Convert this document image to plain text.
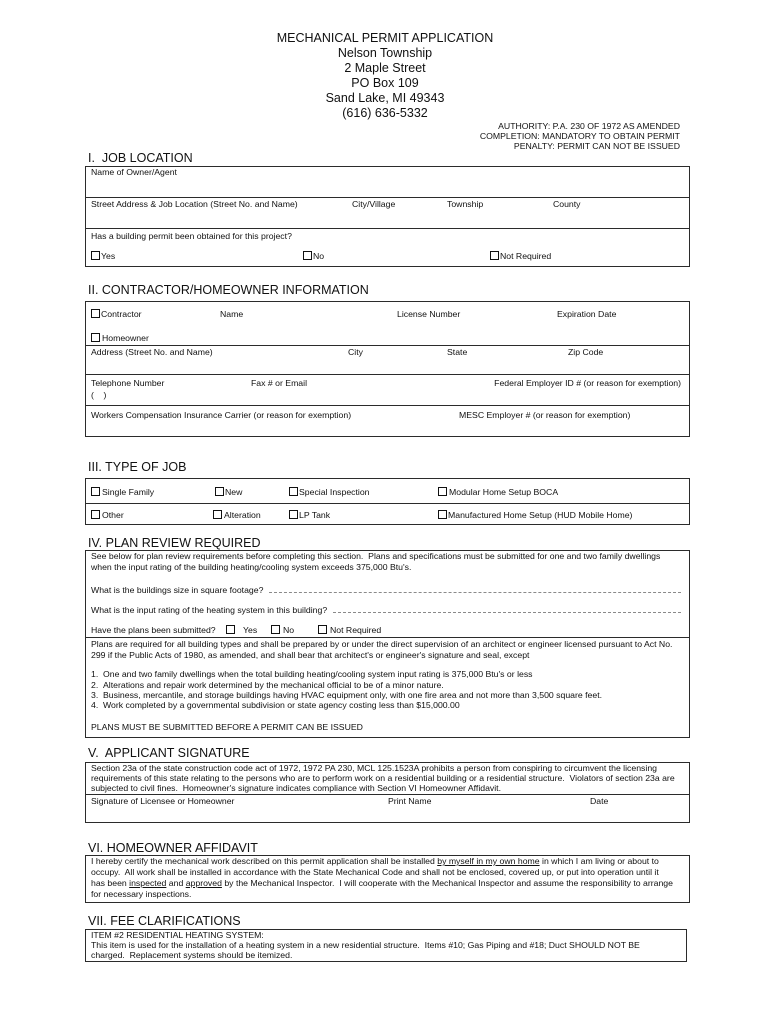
MECHANICAL PERMIT APPLICATION
Nelson Township
2 Maple Street
PO Box 109
Sand Lake, MI 49343
(616) 636-5332
AUTHORITY: P.A. 230 OF 1972 AS AMENDED
COMPLETION: MANDATORY TO OBTAIN PERMIT
PENALTY: PERMIT CAN NOT BE ISSUED
I.  JOB LOCATION
Name of Owner/Agent
Street Address & Job Location (Street No. and Name)	City/Village	Township	County
Has a building permit been obtained for this project?
Yes	No	Not Required
II. CONTRACTOR/HOMEOWNER INFORMATION
Contractor	Name	License Number	Expiration Date
Homeowner
Address (Street No. and Name)	City	State	Zip Code
Telephone Number	Fax # or Email	Federal Employer ID # (or reason for exemption)
(    )
Workers Compensation Insurance Carrier (or reason for exemption)	MESC Employer # (or reason for exemption)
III. TYPE OF JOB
Single Family	New	Special Inspection	Modular Home Setup BOCA
Other	Alteration	LP Tank	Manufactured Home Setup (HUD Mobile Home)
IV. PLAN REVIEW REQUIRED
See below for plan review requirements before completing this section.  Plans and specifications must be submitted for one and two family dwellings
when the input rating of the building heating/cooling system exceeds 375,000 Btu's.
What is the buildings size in square footage?
What is the input rating of the heating system in this building?
Have the plans been submitted?	Yes	No	Not Required
Plans are required for all building types and shall be prepared by or under the direct supervision of an architect or engineer licensed pursuant to Act No.
299 if the Public Acts of 1980, as amended, and shall bear that architect's or engineer's signature and seal, except
1. One and two family dwellings when the total building heating/cooling system input rating is 375,000 Btu's or less
2. Alterations and repair work determined by the mechanical official to be of a minor nature.
3. Business, mercantile, and storage buildings having HVAC equipment only, with one fire area and not more than 3,500 square feet.
4. Work completed by a governmental subdivision or state agency costing less than $15,000.00
PLANS MUST BE SUBMITTED BEFORE A PERMIT CAN BE ISSUED
V.  APPLICANT SIGNATURE
Section 23a of the state construction code act of 1972, 1972 PA 230, MCL 125.1523A prohibits a person from conspiring to circumvent the licensing
requirements of this state relating to the persons who are to perform work on a residential building or a residential structure.  Violators of section 23a are
subjected to civil fines.  Homeowner's signature indicates compliance with Section VI Homeowner Affidavit.
Signature of Licensee or Homeowner	Print Name	Date
VI. HOMEOWNER AFFIDAVIT
I hereby certify the mechanical work described on this permit application shall be installed by myself in my own home in which I am living or about to
occupy.  All work shall be installed in accordance with the State Mechanical Code and shall not be enclosed, covered up, or put into operation until it
has been inspected and approved by the Mechanical Inspector.  I will cooperate with the Mechanical Inspector and assume the responsibility to arrange
for necessary inspections.
VII. FEE CLARIFICATIONS
ITEM #2 RESIDENTIAL HEATING SYSTEM:
This item is used for the installation of a heating system in a new residential structure.  Items #10; Gas Piping and #18; Duct SHOULD NOT BE
charged.  Replacement systems should be itemized.
